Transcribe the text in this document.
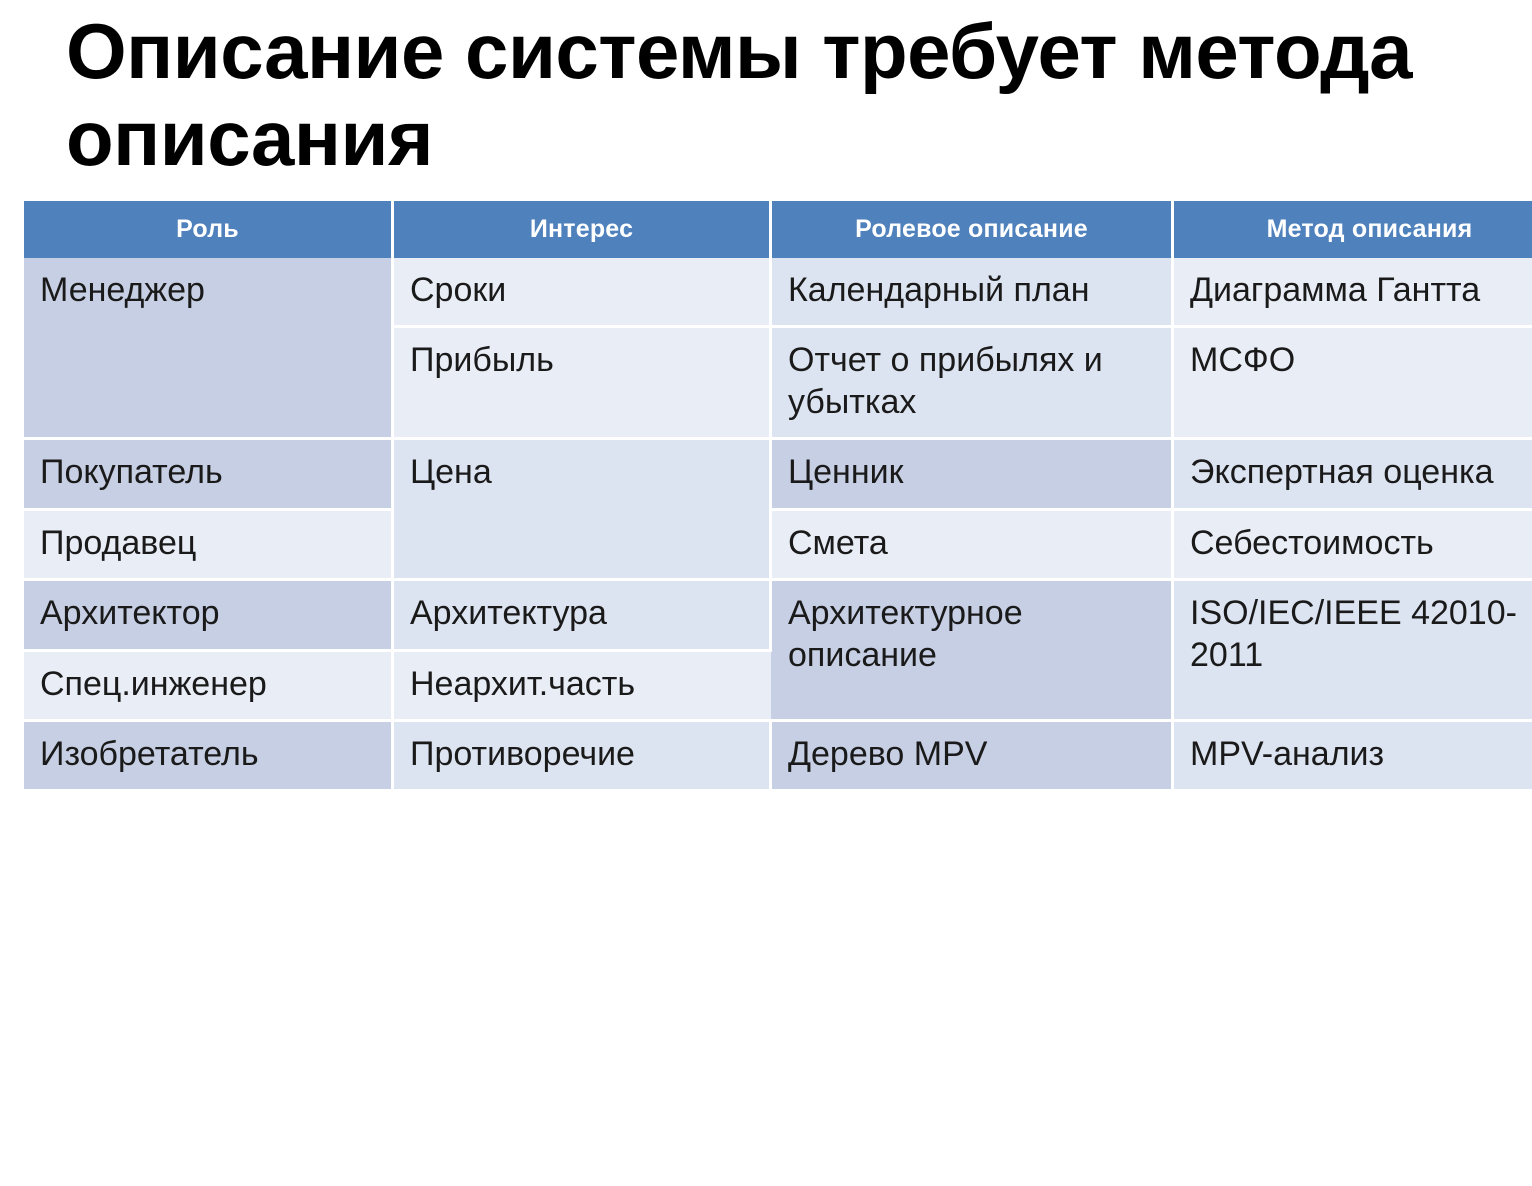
Описание системы требует метода описания
Роль	Интерес	Ролевое описание	Метод описания
Менеджер	Сроки	Календарный план	Диаграмма Гантта
	Прибыль	Отчет о прибылях и убытках	МСФО
Покупатель	Цена	Ценник	Экспертная оценка
Продавец		Смета	Себестоимость
Архитектор	Архитектура	Архитектурное описание	ISO/IEC/IEEE 42010-2011
Спец.инженер	Неархит.часть		
Изобретатель	Противоречие	Дерево MPV	MPV-анализ
